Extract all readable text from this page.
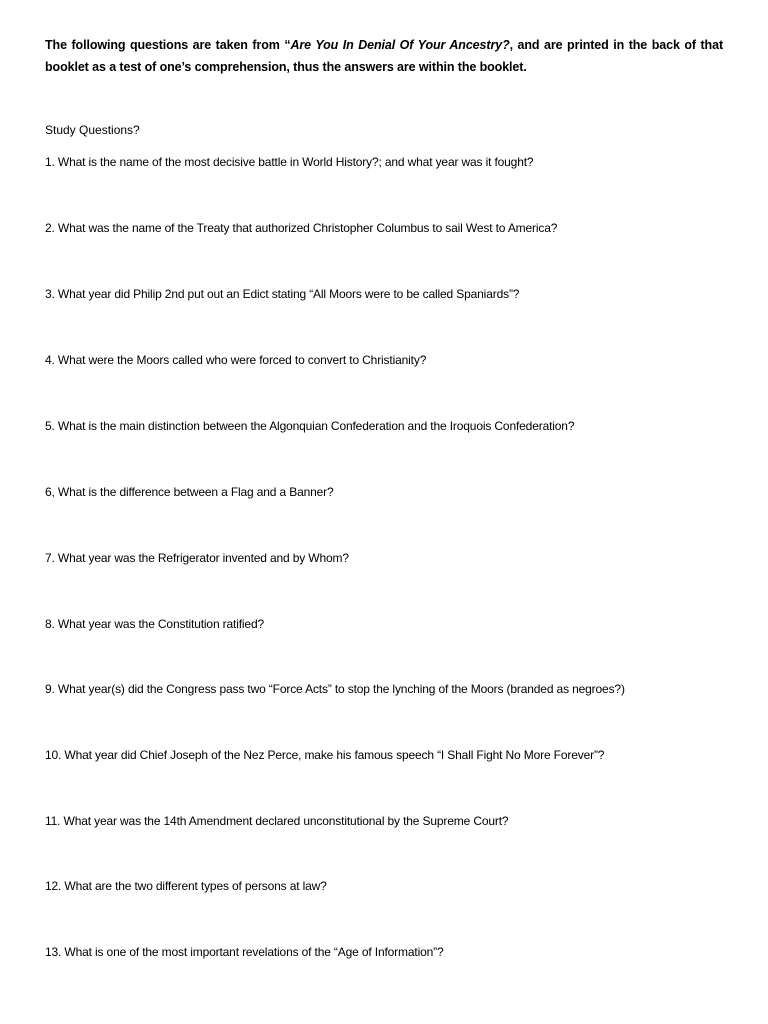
The following questions are taken from “Are You In Denial Of Your Ancestry?, and are printed in the back of that booklet as a test of one’s comprehension, thus the answers are within the booklet.

Study Questions?
1. What is the name of the most decisive battle in World History?; and what year was it fought?
2. What was the name of the Treaty that authorized Christopher Columbus to sail West to America?
3. What year did Philip 2nd put out an Edict stating “All Moors were to be called Spaniards”?
4. What were the Moors called who were forced to convert to Christianity?
5. What is the main distinction between the Algonquian Confederation and the Iroquois Confederation?
6, What is the difference between a Flag and a Banner?
7. What year was the Refrigerator invented and by Whom?
8. What year was the Constitution ratified?
9. What year(s) did the Congress pass two “Force Acts” to stop the lynching of the Moors (branded as negroes?)
10. What year did Chief Joseph of the Nez Perce, make his famous speech “I Shall Fight No More Forever”?
11. What year was the 14th Amendment declared unconstitutional by the Supreme Court?
12. What are the two different types of persons at law?
13. What is one of the most important revelations of the “Age of Information”?
